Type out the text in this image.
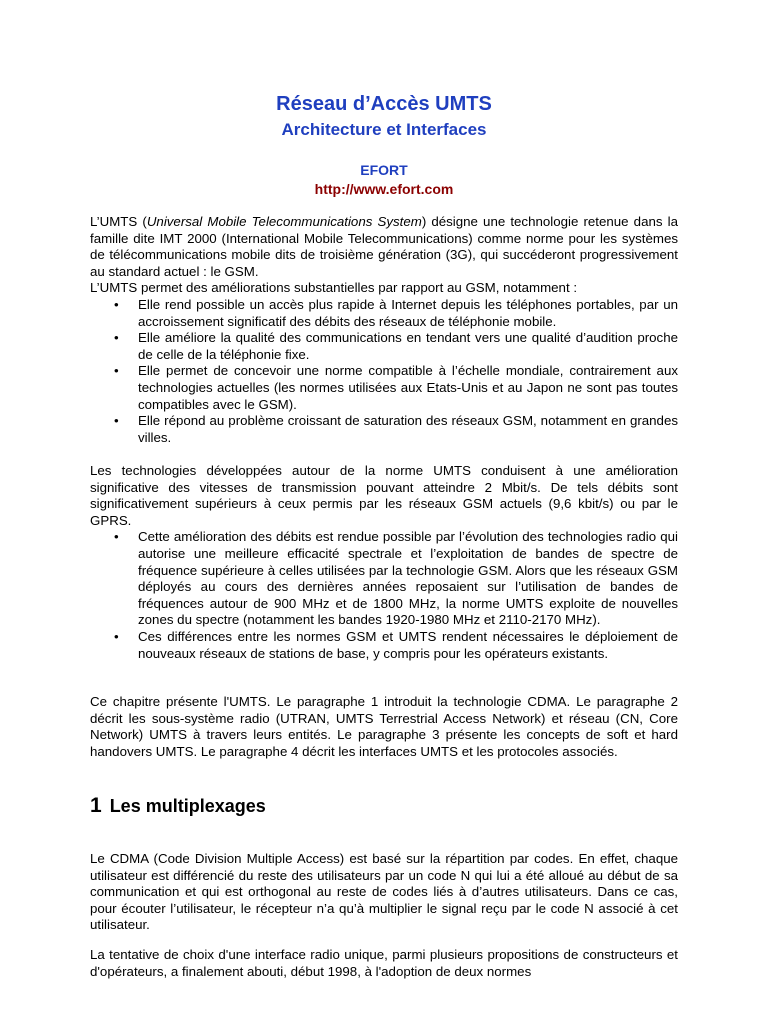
Réseau d’Accès UMTS
Architecture et Interfaces
EFORT
http://www.efort.com

L’UMTS (Universal Mobile Telecommunications System) désigne une technologie retenue dans la famille dite IMT 2000 (International Mobile Telecommunications) comme norme pour les systèmes de télécommunications mobile dits de troisième génération (3G), qui succéderont progressivement au standard actuel : le GSM.

L’UMTS permet des améliorations substantielles par rapport au GSM, notamment :

• Elle rend possible un accès plus rapide à Internet depuis les téléphones portables, par un accroissement significatif des débits des réseaux de téléphonie mobile.
• Elle améliore la qualité des communications en tendant vers une qualité d’audition proche de celle de la téléphonie fixe.
• Elle permet de concevoir une norme compatible à l’échelle mondiale, contrairement aux technologies actuelles (les normes utilisées aux Etats-Unis et au Japon ne sont pas toutes compatibles avec le GSM).
• Elle répond au problème croissant de saturation des réseaux GSM, notamment en grandes villes.

Les technologies développées autour de la norme UMTS conduisent à une amélioration significative des vitesses de transmission pouvant atteindre 2 Mbit/s. De tels débits sont significativement supérieurs à ceux permis par les réseaux GSM actuels (9,6 kbit/s) ou par le GPRS.

• Cette amélioration des débits est rendue possible par l’évolution des technologies radio qui autorise une meilleure efficacité spectrale et l’exploitation de bandes de spectre de fréquence supérieure à celles utilisées par la technologie GSM. Alors que les réseaux GSM déployés au cours des dernières années reposaient sur l’utilisation de bandes de fréquences autour de 900 MHz et de 1800 MHz, la norme UMTS exploite de nouvelles zones du spectre (notamment les bandes 1920-1980 MHz et 2110-2170 MHz).
• Ces différences entre les normes GSM et UMTS rendent nécessaires le déploiement de nouveaux réseaux de stations de base, y compris pour les opérateurs existants.

Ce chapitre présente l'UMTS. Le paragraphe 1 introduit la technologie CDMA. Le paragraphe 2 décrit les sous-système radio (UTRAN, UMTS Terrestrial Access Network) et réseau (CN, Core Network) UMTS à travers leurs entités. Le paragraphe 3 présente les concepts de soft et hard handovers UMTS. Le paragraphe 4 décrit les interfaces UMTS et les protocoles associés.

1 Les multiplexages

Le CDMA (Code Division Multiple Access) est basé sur la répartition par codes. En effet, chaque utilisateur est différencié du reste des utilisateurs par un code N qui lui a été alloué au début de sa communication et qui est orthogonal au reste de codes liés à d’autres utilisateurs. Dans ce cas, pour écouter l’utilisateur, le récepteur n’a qu’à multiplier le signal reçu par le code N associé à cet utilisateur.

La tentative de choix d'une interface radio unique, parmi plusieurs propositions de constructeurs et d'opérateurs, a finalement abouti, début 1998, à l'adoption de deux normes
